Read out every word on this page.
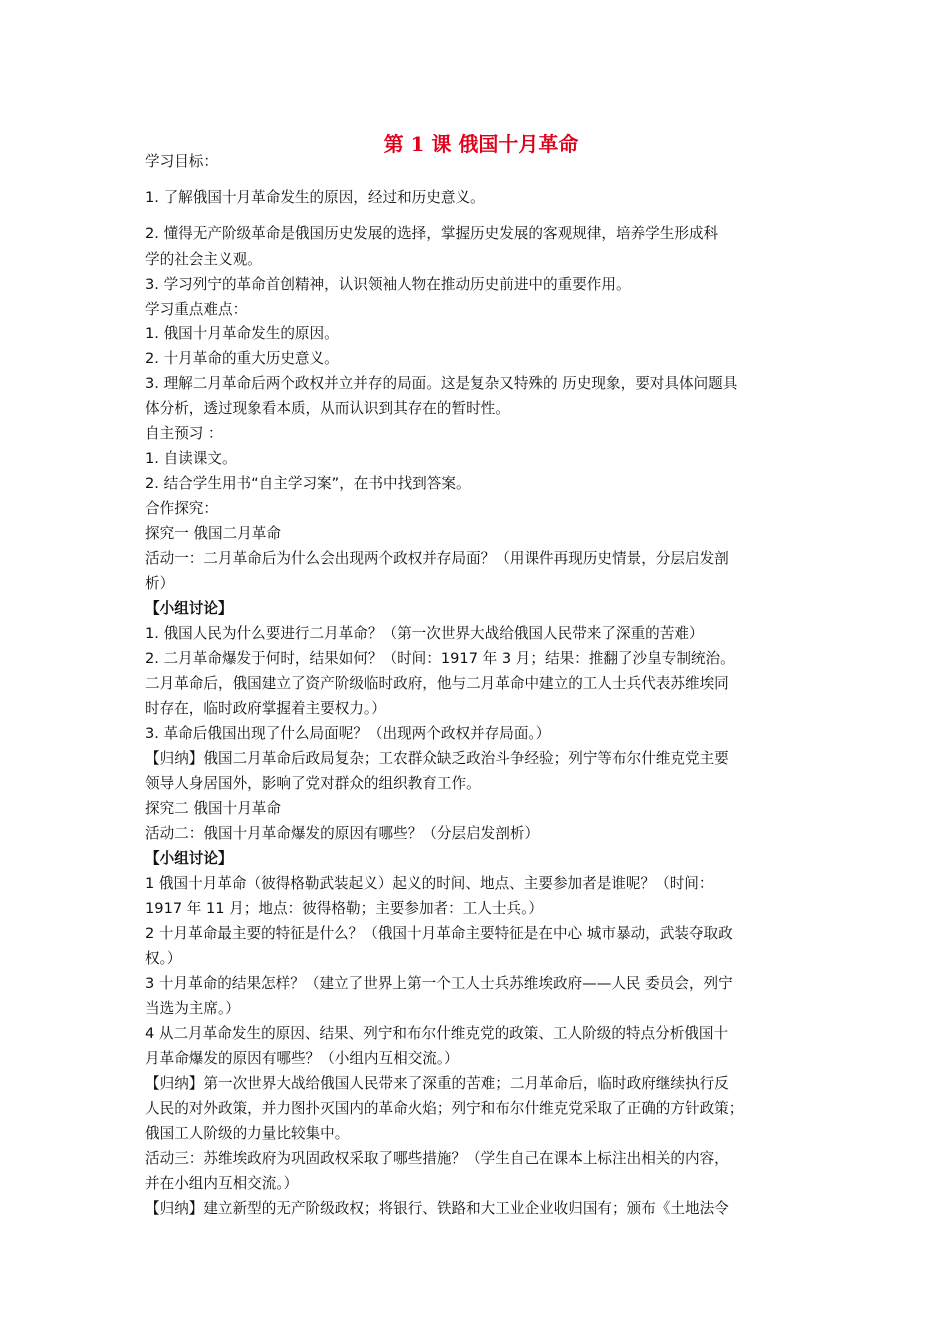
第 1 课 俄国十月革命
学习目标：
1. 了解俄国十月革命发生的原因，经过和历史意义。
2. 懂得无产阶级革命是俄国历史发展的选择，掌握历史发展的客观规律，培养学生形成科
学的社会主义观。
3. 学习列宁的革命首创精神，认识领袖人物在推动历史前进中的重要作用。
学习重点难点：
1. 俄国十月革命发生的原因。
2. 十月革命的重大历史意义。
3. 理解二月革命后两个政权并立并存的局面。这是复杂又特殊的 历史现象，要对具体问题具
体分析，透过现象看本质，从而认识到其存在的暂时性。
自主预习 ：
1. 自读课文。
2. 结合学生用书“自主学习案”，在书中找到答案。
合作探究：
探究一 俄国二月革命
活动一：二月革命后为什么会出现两个政权并存局面？（用课件再现历史情景，分层启发剖
析）
【小组讨论】
1. 俄国人民为什么要进行二月革命？（第一次世界大战给俄国人民带来了深重的苦难）
2. 二月革命爆发于何时，结果如何？（时间：1917 年 3 月；结果：推翻了沙皇专制统治。
二月革命后，俄国建立了资产阶级临时政府，他与二月革命中建立的工人士兵代表苏维埃同
时存在，临时政府掌握着主要权力。）
3. 革命后俄国出现了什么局面呢？（出现两个政权并存局面。）
【归纳】俄国二月革命后政局复杂；工农群众缺乏政治斗争经验；列宁等布尔什维克党主要
领导人身居国外，影响了党对群众的组织教育工作。
探究二 俄国十月革命
活动二：俄国十月革命爆发的原因有哪些？（分层启发剖析）
【小组讨论】
1 俄国十月革命（彼得格勒武装起义）起义的时间、地点、主要参加者是谁呢？（时间：
1917 年 11 月；地点：彼得格勒；主要参加者：工人士兵。）
2 十月革命最主要的特征是什么？（俄国十月革命主要特征是在中心 城市暴动，武装夺取政
权。）
3 十月革命的结果怎样？（建立了世界上第一个工人士兵苏维埃政府——人民 委员会，列宁
当选为主席。）
4 从二月革命发生的原因、结果、列宁和布尔什维克党的政策、工人阶级的特点分析俄国十
月革命爆发的原因有哪些？（小组内互相交流。）
【归纳】第一次世界大战给俄国人民带来了深重的苦难；二月革命后，临时政府继续执行反
人民的对外政策，并力图扑灭国内的革命火焰；列宁和布尔什维克党采取了正确的方针政策；
俄国工人阶级的力量比较集中。
活动三：苏维埃政府为巩固政权采取了哪些措施？（学生自己在课本上标注出相关的内容，
并在小组内互相交流。）
【归纳】建立新型的无产阶级政权；将银行、铁路和大工业企业收归国有；颁布《土地法令
